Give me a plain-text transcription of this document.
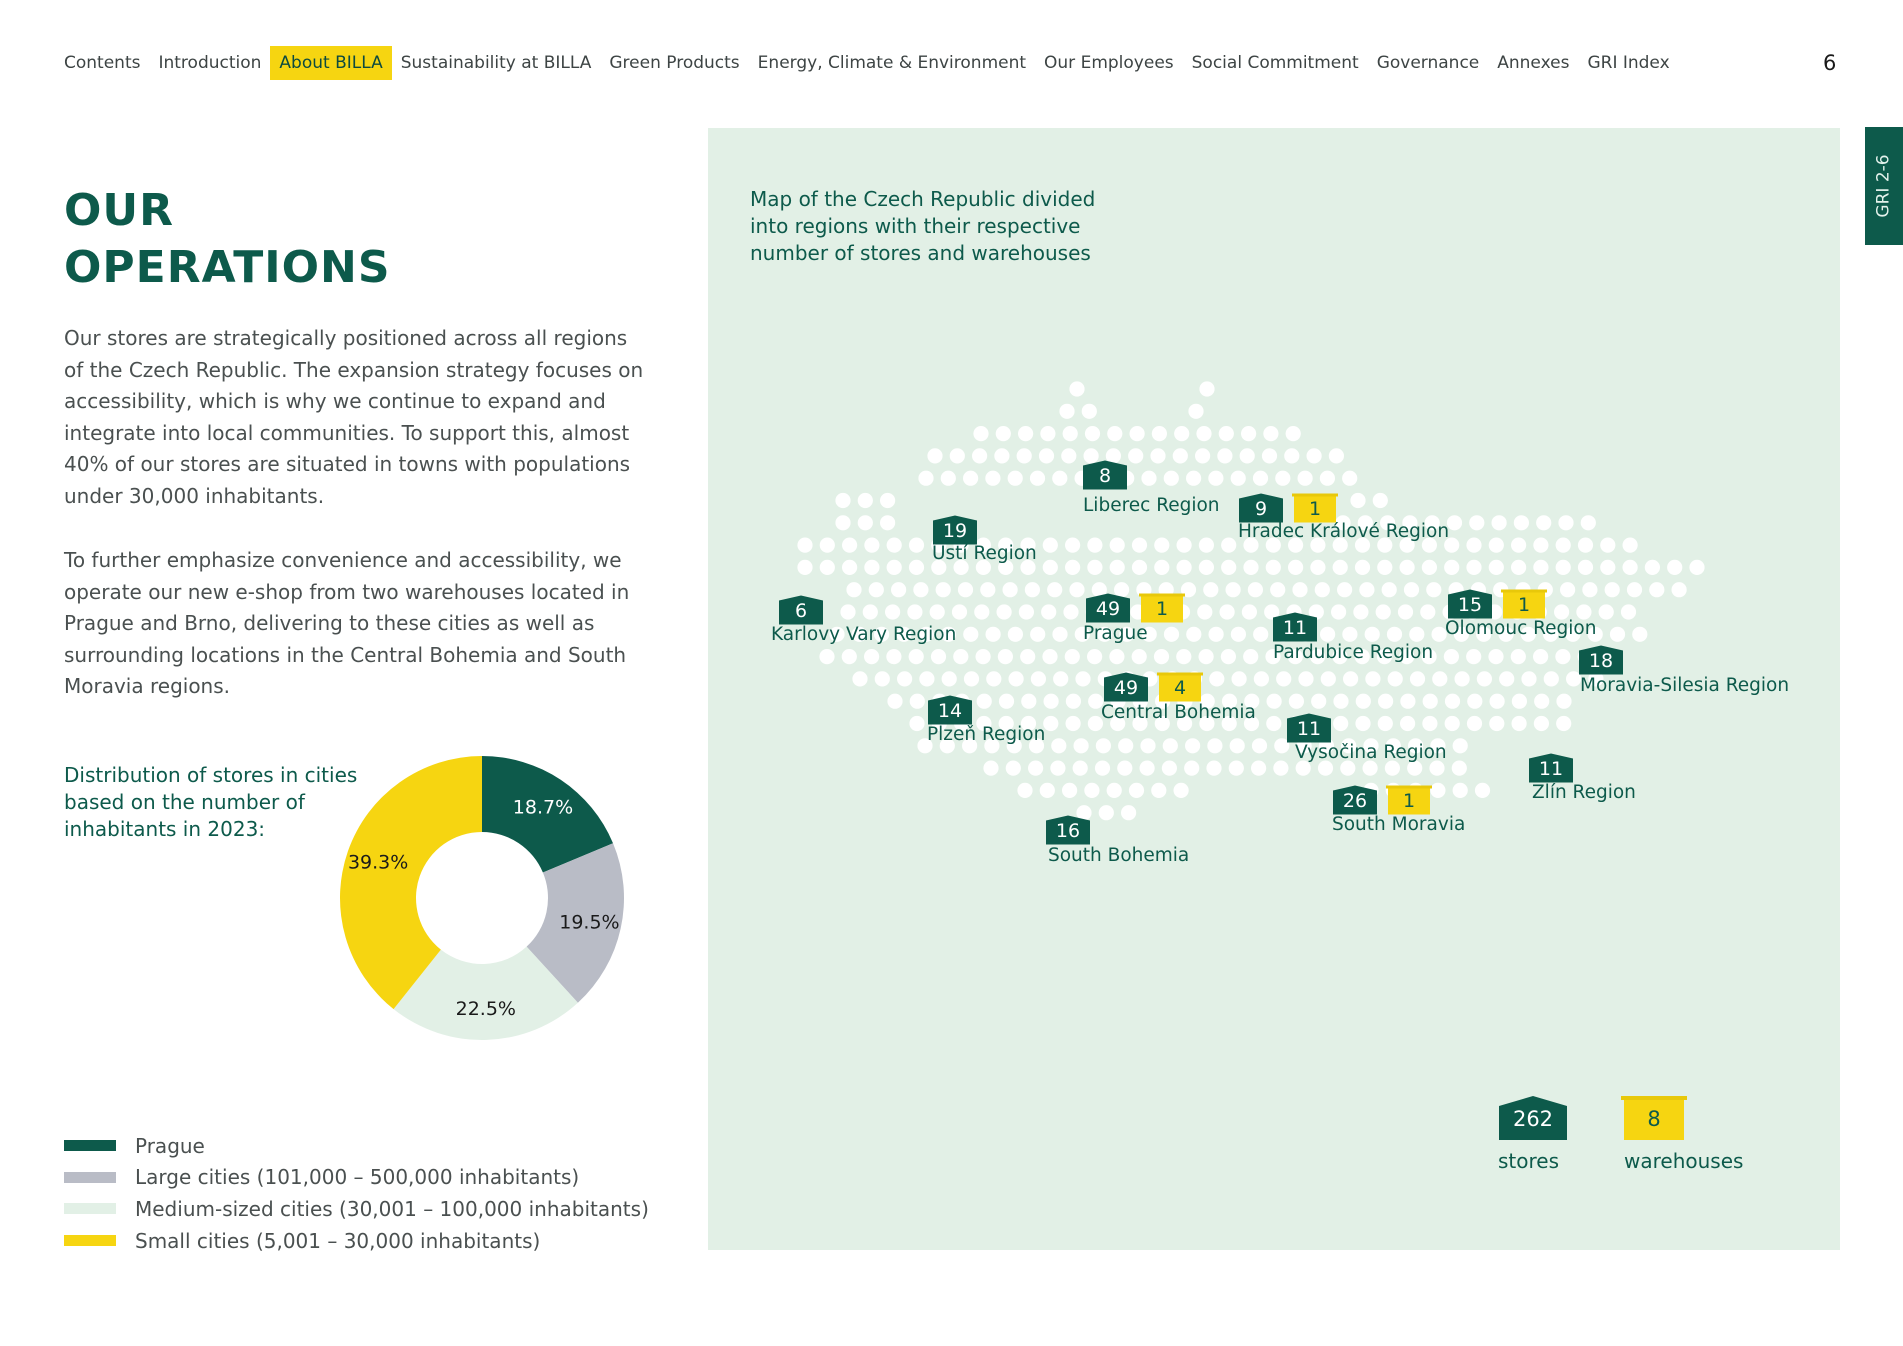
Contents	Introduction	About BILLA	Sustainability at BILLA	Green Products	Energy, Climate & Environment	Our Employees	Social Commitment	Governance	Annexes	GRI Index	6
GRI 2-6
OUR
OPERATIONS

Our stores are strategically positioned across all regions of the Czech Republic. The expansion strategy focuses on accessibility, which is why we continue to expand and integrate into local communities. To support this, almost 40% of our stores are situated in towns with populations under 30,000 inhabitants.

To further emphasize convenience and accessibility, we operate our new e-shop from two warehouses located in Prague and Brno, delivering to these cities as well as surrounding locations in the Central Bohemia and South Moravia regions.

Distribution of stores in cities based on the number of inhabitants in 2023:

18.7%
19.5%
22.5%
39.3%
Prague
Large cities (101,000 – 500,000 inhabitants)
Medium-sized cities (30,001 – 100,000 inhabitants)
Small cities (5,001 – 30,000 inhabitants)

Map of the Czech Republic divided into regions with their respective number of stores and warehouses

8
Liberec Region 9 1
Hradec Králové Region
19
Ústí Region
6
Karlovy Vary Region
49 1
Prague	11
Pardubice Region
15 1
Olomouc Region
18
Moravia-Silesia Region
49 4
Central Bohemia
14
Plzeň Region	11
Vysočina Region
11
Zlín Region
26 1
South Moravia
16
South Bohemia
262
stores
8
warehouses
